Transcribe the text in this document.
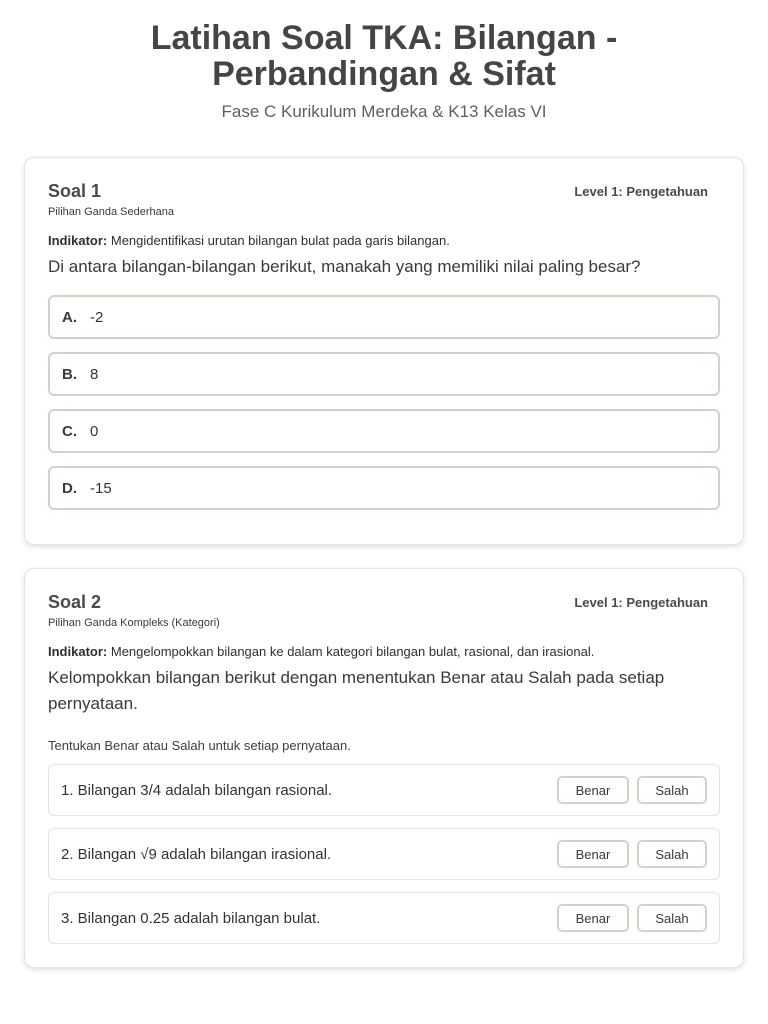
Latihan Soal TKA: Bilangan - Perbandingan & Sifat
Fase C Kurikulum Merdeka & K13 Kelas VI
Soal 1
Pilihan Ganda Sederhana
Level 1: Pengetahuan
Indikator: Mengidentifikasi urutan bilangan bulat pada garis bilangan.
Di antara bilangan-bilangan berikut, manakah yang memiliki nilai paling besar?
A. -2
B. 8
C. 0
D. -15
Soal 2
Pilihan Ganda Kompleks (Kategori)
Level 1: Pengetahuan
Indikator: Mengelompokkan bilangan ke dalam kategori bilangan bulat, rasional, dan irasional.
Kelompokkan bilangan berikut dengan menentukan Benar atau Salah pada setiap pernyataan.
Tentukan Benar atau Salah untuk setiap pernyataan.
1. Bilangan 3/4 adalah bilangan rasional.	Benar	Salah
2. Bilangan √9 adalah bilangan irasional.	Benar	Salah
3. Bilangan 0.25 adalah bilangan bulat.	Benar	Salah
